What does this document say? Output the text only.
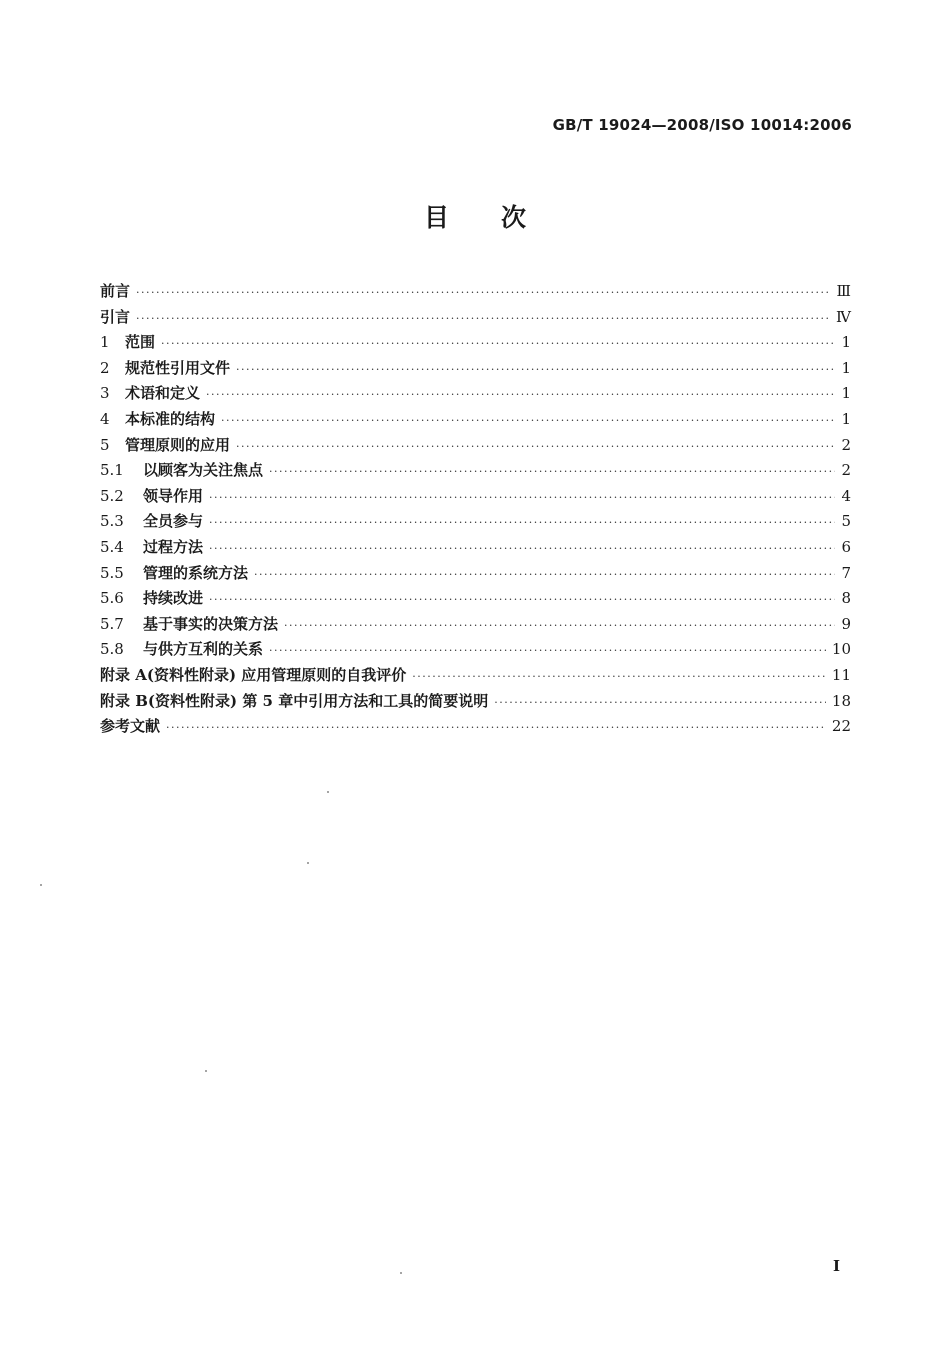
GB/T 19024—2008/ISO 10014:2006
目 次
前言 ·····	Ⅲ
引言 ·····	Ⅳ
1	范围 ·····	1
2	规范性引用文件 ·····	1
3	术语和定义 ·····	1
4	本标准的结构 ·····	1
5	管理原则的应用 ·····	2
5.1	以顾客为关注焦点 ·····	2
5.2	领导作用 ·····	4
5.3	全员参与 ·····	5
5.4	过程方法 ·····	6
5.5	管理的系统方法 ·····	7
5.6	持续改进 ·····	8
5.7	基于事实的决策方法 ·····	9
5.8	与供方互利的关系 ·····	10
附录 A(资料性附录) 应用管理原则的自我评价 ·····	11
附录 B(资料性附录) 第 5 章中引用方法和工具的简要说明 ·····	18
参考文献 ·····	22
I
